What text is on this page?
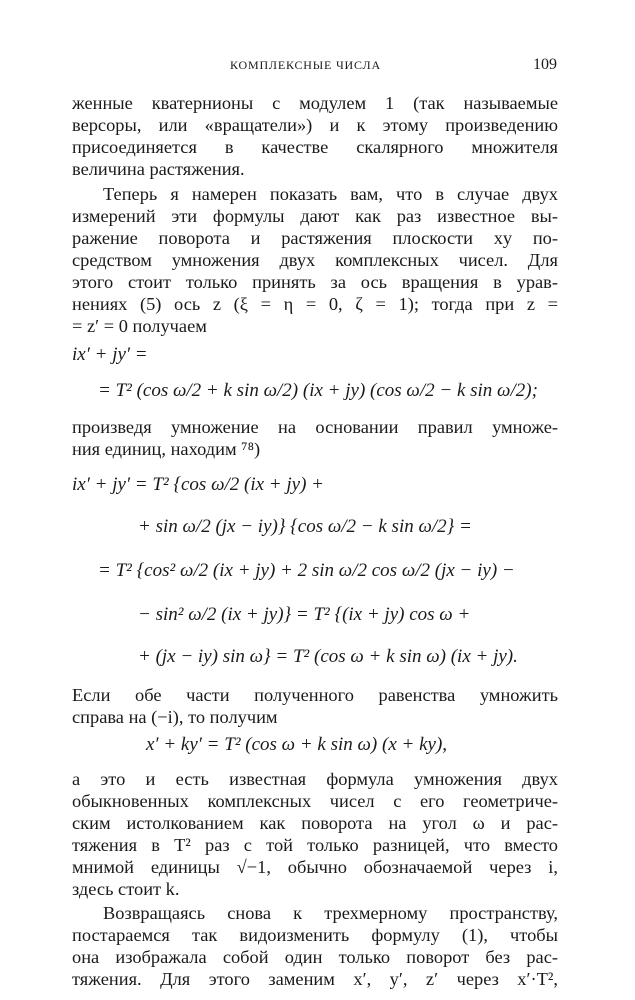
КОМПЛЕКСНЫЕ ЧИСЛА	109
женные кватернионы с модулем 1 (так называемые
версоры, или «вращатели») и к этому произведению
присоединяется в качестве скалярного множителя
величина растяжения.
Теперь я намерен показать вам, что в случае двух
измерений эти формулы дают как раз известное вы-
ражение поворота и растяжения плоскости xy по-
средством умножения двух комплексных чисел. Для
этого стоит только принять за ось вращения в урав-
нениях (5) ось z (ξ = η = 0, ζ = 1); тогда при z =
= z′ = 0 получаем
ix′ + jy′ =
= T² (cos ω/2 + k sin ω/2) (ix + jy) (cos ω/2 − k sin ω/2);
произведя умножение на основании правил умноже-
ния единиц, находим ⁷⁸)
ix′ + jy′ = T² {cos ω/2 (ix + jy) +
+ sin ω/2 (jx − iy)} {cos ω/2 − k sin ω/2} =
= T² {cos² ω/2 (ix + jy) + 2 sin ω/2 cos ω/2 (jx − iy) −
− sin² ω/2 (ix + jy)} = T² {(ix + jy) cos ω +
+ (jx − iy) sin ω} = T² (cos ω + k sin ω) (ix + jy).
Если обе части полученного равенства умножить
справа на (−i), то получим
x′ + ky′ = T² (cos ω + k sin ω) (x + ky),
а это и есть известная формула умножения двух
обыкновенных комплексных чисел с его геометриче-
ским истолкованием как поворота на угол ω и рас-
тяжения в T² раз с той только разницей, что вместо
мнимой единицы √−1, обычно обозначаемой через i,
здесь стоит k.
Возвращаясь снова к трехмерному пространству,
постараемся так видоизменить формулу (1), чтобы
она изображала собой один только поворот без рас-
тяжения. Для этого заменим x′, y′, z′ через x′·T²,
